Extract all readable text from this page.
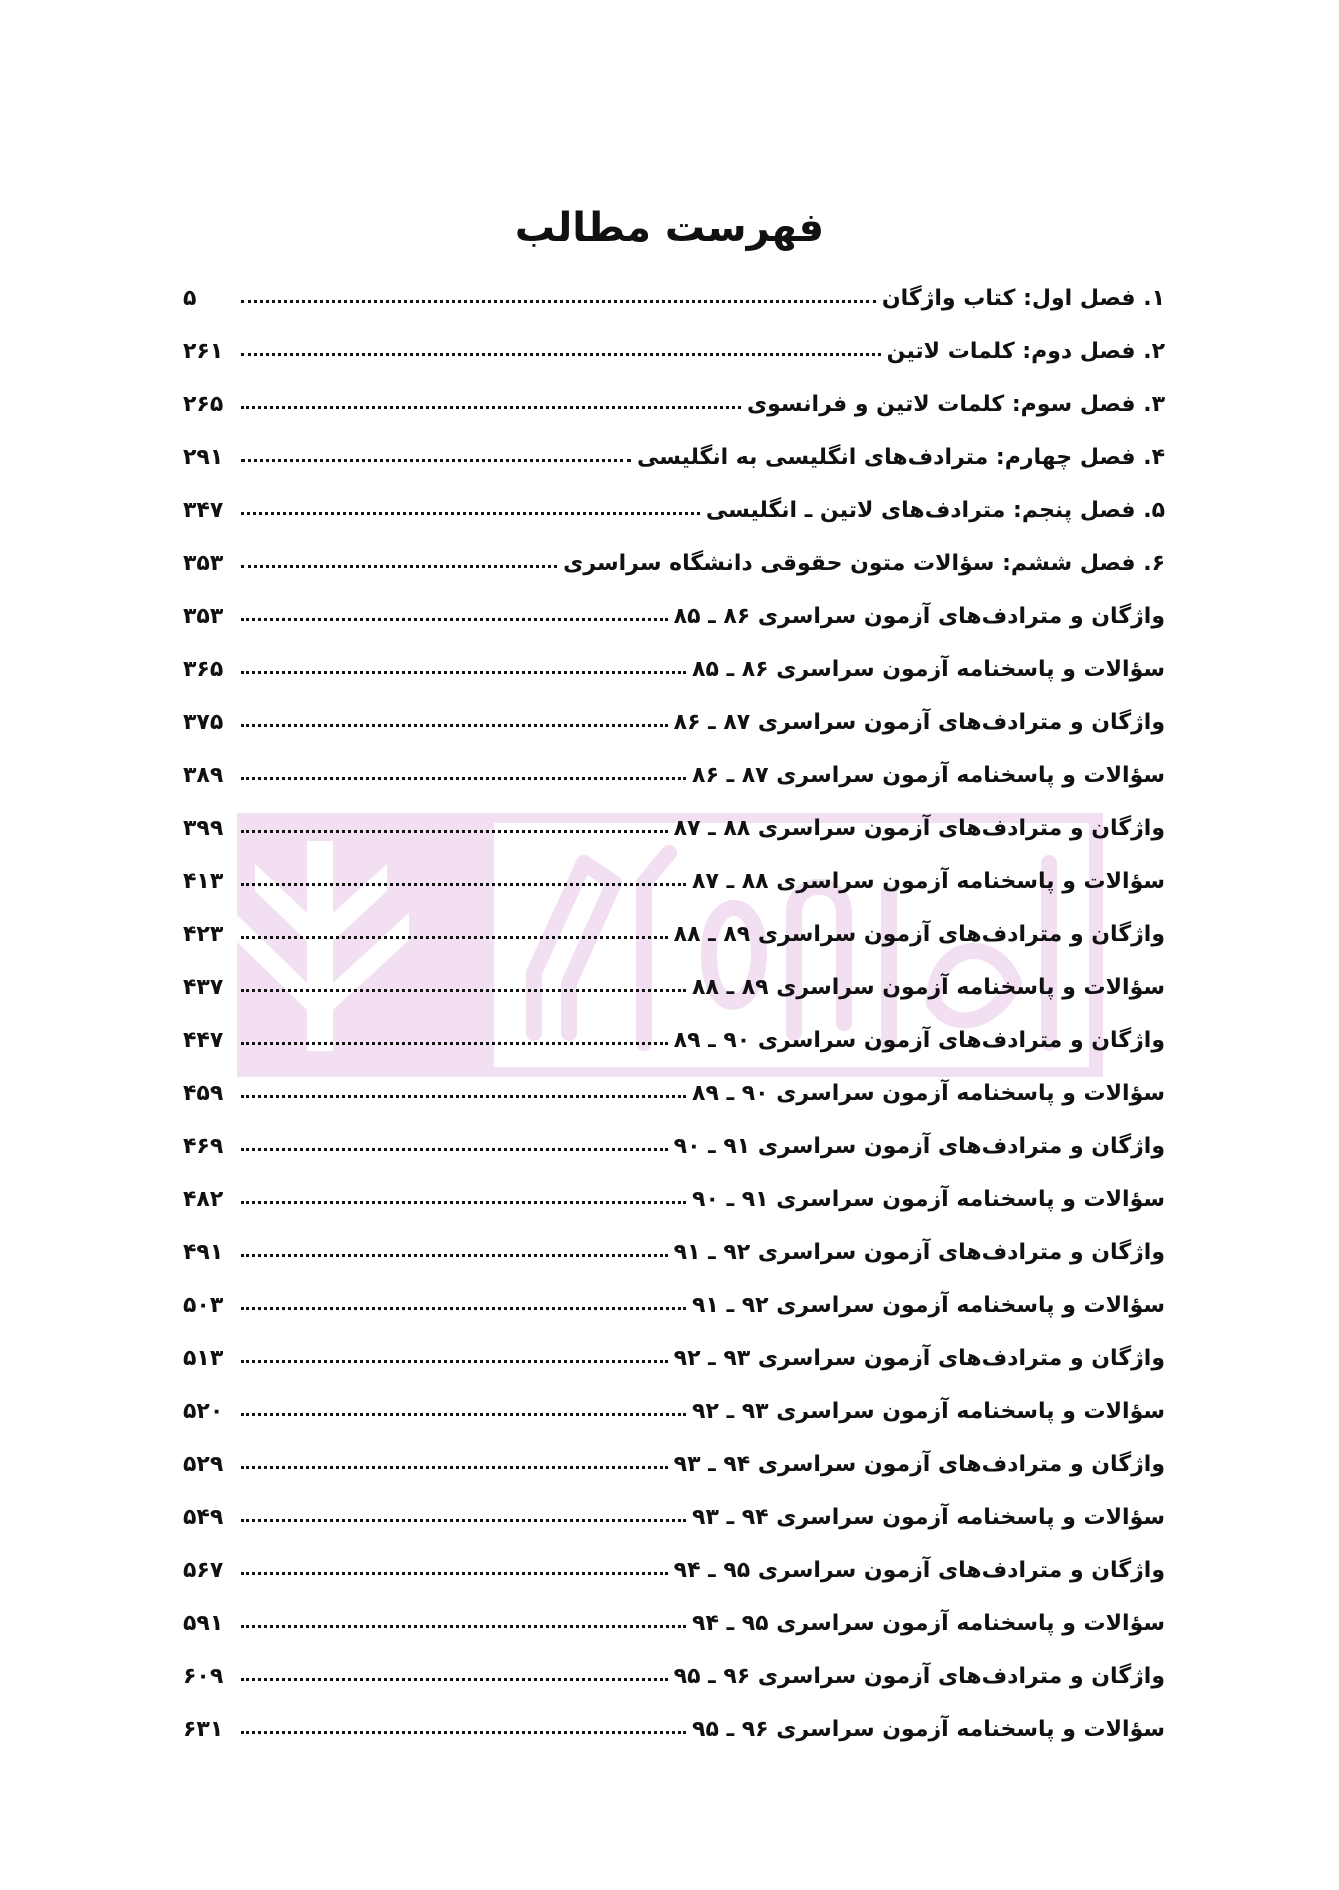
فهرست مطالب
۱. فصل اول: کتاب واژگان
۵
۲. فصل دوم: کلمات لاتین
۲۶۱
۳. فصل سوم: کلمات لاتین و فرانسوی
۲۶۵
۴. فصل چهارم: مترادف‌های انگلیسی به انگلیسی
۲۹۱
۵. فصل پنجم: مترادف‌های لاتین ـ انگلیسی
۳۴۷
۶. فصل ششم: سؤالات متون حقوقی دانشگاه سراسری
۳۵۳
واژگان و مترادف‌های آزمون سراسری ۸۶ ـ ۸۵
۳۵۳
سؤالات و پاسخنامه آزمون سراسری ۸۶ ـ ۸۵
۳۶۵
واژگان و مترادف‌های آزمون سراسری ۸۷ ـ ۸۶
۳۷۵
سؤالات و پاسخنامه آزمون سراسری ۸۷ ـ ۸۶
۳۸۹
واژگان و مترادف‌های آزمون سراسری ۸۸ ـ ۸۷
۳۹۹
سؤالات و پاسخنامه آزمون سراسری ۸۸ ـ ۸۷
۴۱۳
واژگان و مترادف‌های آزمون سراسری ۸۹ ـ ۸۸
۴۲۳
سؤالات و پاسخنامه آزمون سراسری ۸۹ ـ ۸۸
۴۳۷
واژگان و مترادف‌های آزمون سراسری ۹۰ ـ ۸۹
۴۴۷
سؤالات و پاسخنامه آزمون سراسری ۹۰ ـ ۸۹
۴۵۹
واژگان و مترادف‌های آزمون سراسری ۹۱ ـ ۹۰
۴۶۹
سؤالات و پاسخنامه آزمون سراسری ۹۱ ـ ۹۰
۴۸۲
واژگان و مترادف‌های آزمون سراسری ۹۲ ـ ۹۱
۴۹۱
سؤالات و پاسخنامه آزمون سراسری ۹۲ ـ ۹۱
۵۰۳
واژگان و مترادف‌های آزمون سراسری ۹۳ ـ ۹۲
۵۱۳
سؤالات و پاسخنامه آزمون سراسری ۹۳ ـ ۹۲
۵۲۰
واژگان و مترادف‌های آزمون سراسری ۹۴ ـ ۹۳
۵۲۹
سؤالات و پاسخنامه آزمون سراسری ۹۴ ـ ۹۳
۵۴۹
واژگان و مترادف‌های آزمون سراسری ۹۵ ـ ۹۴
۵۶۷
سؤالات و پاسخنامه آزمون سراسری ۹۵ ـ ۹۴
۵۹۱
واژگان و مترادف‌های آزمون سراسری ۹۶ ـ ۹۵
۶۰۹
سؤالات و پاسخنامه آزمون سراسری ۹۶ ـ ۹۵
۶۳۱
